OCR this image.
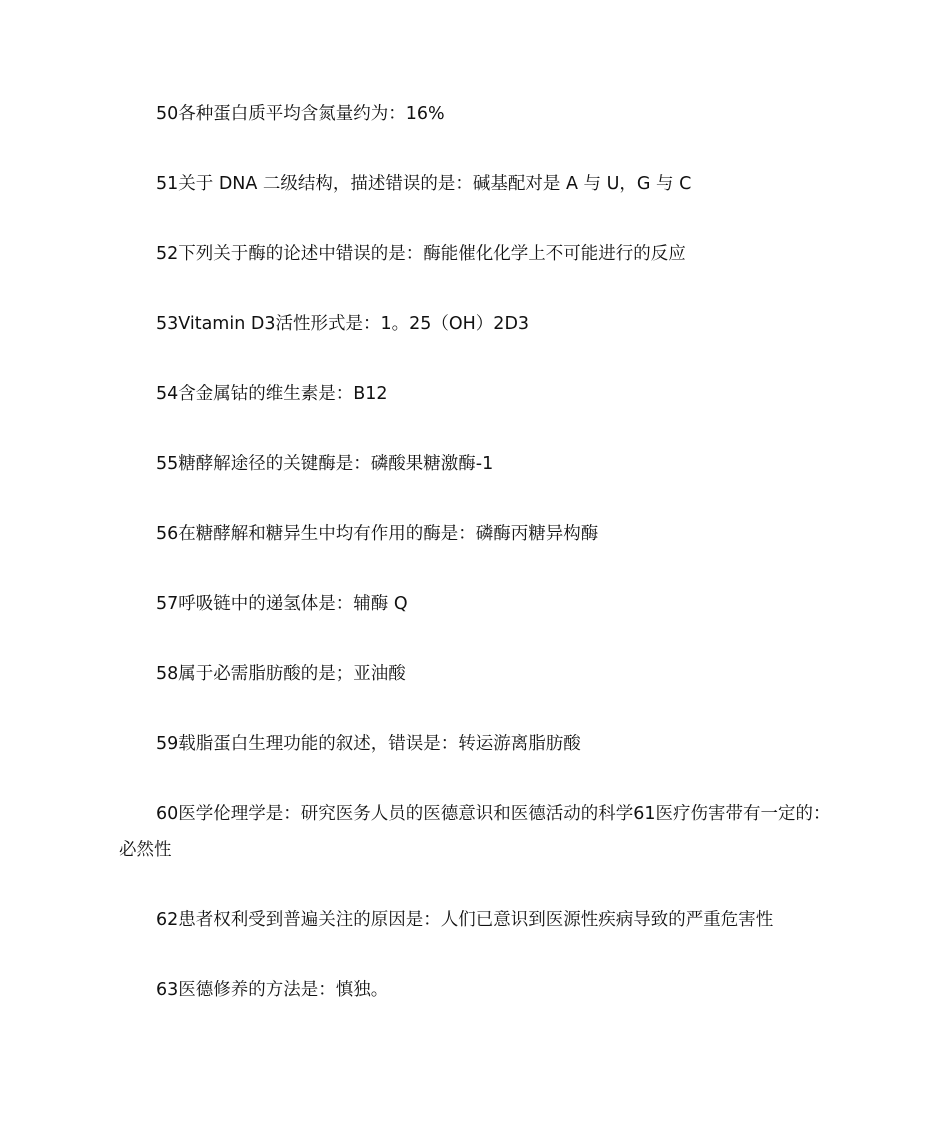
50各种蛋白质平均含氮量约为：16%

51关于 DNA 二级结构，描述错误的是：碱基配对是 A 与 U，G 与 C

52下列关于酶的论述中错误的是：酶能催化化学上不可能进行的反应

53Vitamin D3活性形式是：1。25（OH）2D3

54含金属钴的维生素是：B12

55糖酵解途径的关键酶是：磷酸果糖激酶-1

56在糖酵解和糖异生中均有作用的酶是：磷酶丙糖异构酶

57呼吸链中的递氢体是：辅酶 Q

58属于必需脂肪酸的是；亚油酸

59载脂蛋白生理功能的叙述，错误是：转运游离脂肪酸

60医学伦理学是：研究医务人员的医德意识和医德活动的科学61医疗伤害带有一定的：必然性

62患者权利受到普遍关注的原因是：人们已意识到医源性疾病导致的严重危害性

63医德修养的方法是：慎独。
